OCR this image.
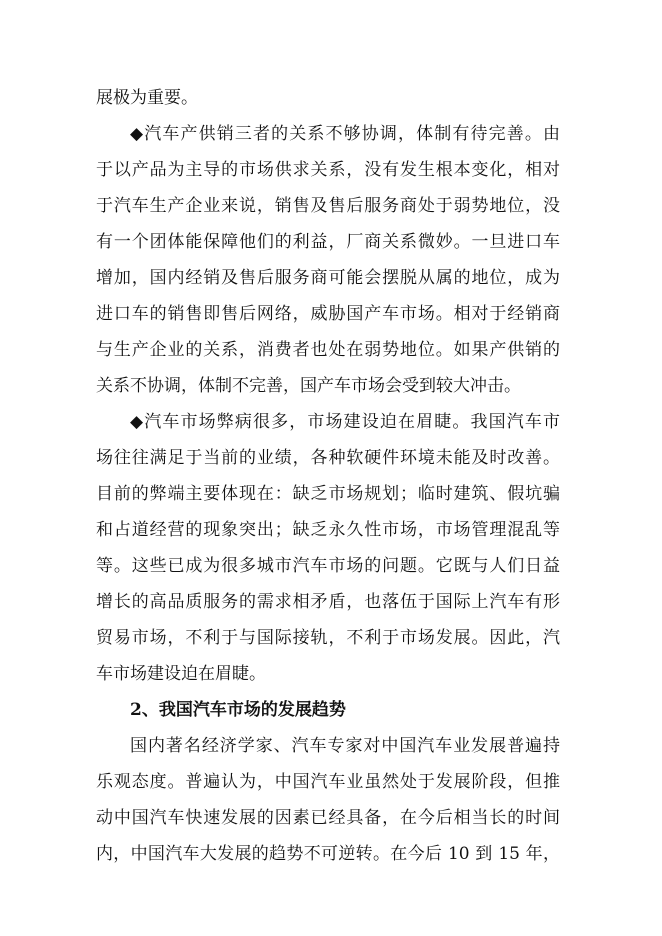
展极为重要。
◆汽车产供销三者的关系不够协调，体制有待完善。由
于以产品为主导的市场供求关系，没有发生根本变化，相对
于汽车生产企业来说，销售及售后服务商处于弱势地位，没
有一个团体能保障他们的利益，厂商关系微妙。一旦进口车
增加，国内经销及售后服务商可能会摆脱从属的地位，成为
进口车的销售即售后网络，威胁国产车市场。相对于经销商
与生产企业的关系，消费者也处在弱势地位。如果产供销的
关系不协调，体制不完善，国产车市场会受到较大冲击。
◆汽车市场弊病很多，市场建设迫在眉睫。我国汽车市
场往往满足于当前的业绩，各种软硬件环境未能及时改善。
目前的弊端主要体现在：缺乏市场规划；临时建筑、假坑骗
和占道经营的现象突出；缺乏永久性市场，市场管理混乱等
等。这些已成为很多城市汽车市场的问题。它既与人们日益
增长的高品质服务的需求相矛盾，也落伍于国际上汽车有形
贸易市场，不利于与国际接轨，不利于市场发展。因此，汽
车市场建设迫在眉睫。
2、我国汽车市场的发展趋势
国内著名经济学家、汽车专家对中国汽车业发展普遍持
乐观态度。普遍认为，中国汽车业虽然处于发展阶段，但推
动中国汽车快速发展的因素已经具备，在今后相当长的时间
内，中国汽车大发展的趋势不可逆转。在今后 10 到 15 年，
